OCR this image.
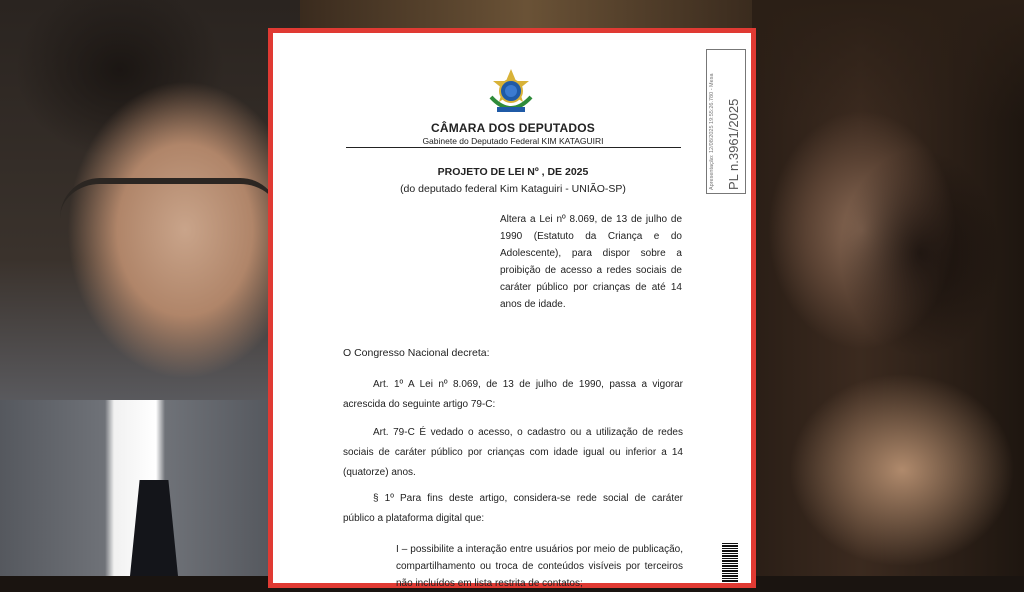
CÂMARA DOS DEPUTADOS
Gabinete do Deputado Federal KIM KATAGUIRI	Apresentação: 12/08/2025 19:55:26.780 - Mesa PL n.3961/2025
PROJETO DE LEI Nº , DE 2025
(do deputado federal Kim Kataguiri - UNIÃO-SP)
Altera a Lei nº 8.069, de 13 de julho de 1990 (Estatuto da Criança e do Adolescente), para dispor sobre a proibição de acesso a redes sociais de caráter público por crianças de até 14 anos de idade.
O Congresso Nacional decreta:
Art. 1º A Lei nº 8.069, de 13 de julho de 1990, passa a vigorar acrescida do seguinte artigo 79-C:
Art. 79-C É vedado o acesso, o cadastro ou a utilização de redes sociais de caráter público por crianças com idade igual ou inferior a 14 (quatorze) anos.
§ 1º Para fins deste artigo, considera-se rede social de caráter público a plataforma digital que:
I – possibilite a interação entre usuários por meio de publicação, compartilhamento ou troca de conteúdos visíveis por terceiros não incluídos em lista restrita de contatos;
